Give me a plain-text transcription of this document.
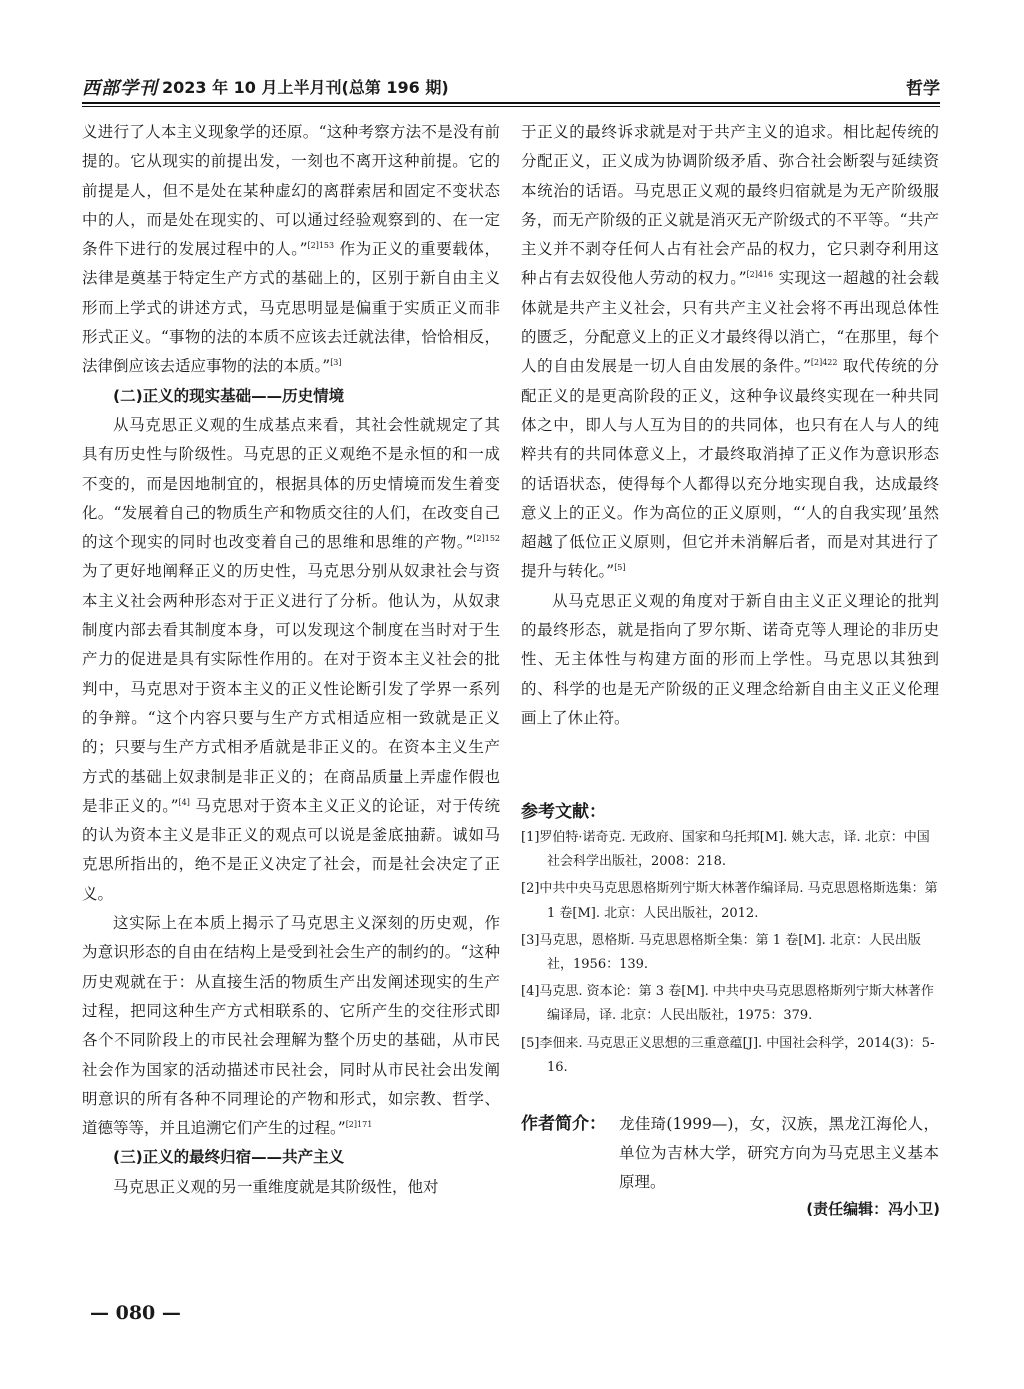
西部学刊 2023 年 10 月上半月刊(总第 196 期)	哲学

义进行了人本主义现象学的还原。“这种考察方法不是没有前提的。它从现实的前提出发，一刻也不离开这种前提。它的前提是人，但不是处在某种虚幻的离群索居和固定不变状态中的人，而是处在现实的、可以通过经验观察到的、在一定条件下进行的发展过程中的人。”$^{[2]153}$ 作为正义的重要载体，法律是奠基于特定生产方式的基础上的，区别于新自由主义形而上学式的讲述方式，马克思明显是偏重于实质正义而非形式正义。“事物的法的本质不应该去迁就法律，恰恰相反，法律倒应该去适应事物的法的本质。”[3]

(二)正义的现实基础——历史情境

从马克思正义观的生成基点来看，其社会性就规定了其具有历史性与阶级性。马克思的正义观绝不是永恒的和一成不变的，而是因地制宜的，根据具体的历史情境而发生着变化。“发展着自己的物质生产和物质交往的人们，在改变自己的这个现实的同时也改变着自己的思维和思维的产物。”$^{[2]152}$ 为了更好地阐释正义的历史性，马克思分别从奴隶社会与资本主义社会两种形态对于正义进行了分析。他认为，从奴隶制度内部去看其制度本身，可以发现这个制度在当时对于生产力的促进是具有实际性作用的。在对于资本主义社会的批判中，马克思对于资本主义的正义性论断引发了学界一系列的争辩。“这个内容只要与生产方式相适应相一致就是正义的；只要与生产方式相矛盾就是非正义的。在资本主义生产方式的基础上奴隶制是非正义的；在商品质量上弄虚作假也是非正义的。”[4] 马克思对于资本主义正义的论证，对于传统的认为资本主义是非正义的观点可以说是釜底抽薪。诚如马克思所指出的，绝不是正义决定了社会，而是社会决定了正义。

这实际上在本质上揭示了马克思主义深刻的历史观，作为意识形态的自由在结构上是受到社会生产的制约的。“这种历史观就在于：从直接生活的物质生产出发阐述现实的生产过程，把同这种生产方式相联系的、它所产生的交往形式即各个不同阶段上的市民社会理解为整个历史的基础，从市民社会作为国家的活动描述市民社会，同时从市民社会出发阐明意识的所有各种不同理论的产物和形式，如宗教、哲学、道德等等，并且追溯它们产生的过程。”$^{[2]171}$

(三)正义的最终归宿——共产主义

马克思正义观的另一重维度就是其阶级性，他对

于正义的最终诉求就是对于共产主义的追求。相比起传统的分配正义，正义成为协调阶级矛盾、弥合社会断裂与延续资本统治的话语。马克思正义观的最终归宿就是为无产阶级服务，而无产阶级的正义就是消灭无产阶级式的不平等。“共产主义并不剥夺任何人占有社会产品的权力，它只剥夺利用这种占有去奴役他人劳动的权力。”$^{[2]416}$ 实现这一超越的社会载体就是共产主义社会，只有共产主义社会将不再出现总体性的匮乏，分配意义上的正义才最终得以消亡，“在那里，每个人的自由发展是一切人自由发展的条件。”$^{[2]422}$ 取代传统的分配正义的是更高阶段的正义，这种争议最终实现在一种共同体之中，即人与人互为目的的共同体，也只有在人与人的纯粹共有的共同体意义上，才最终取消掉了正义作为意识形态的话语状态，使得每个人都得以充分地实现自我，达成最终意义上的正义。作为高位的正义原则，“‘人的自我实现’虽然超越了低位正义原则，但它并未消解后者，而是对其进行了提升与转化。”[5]

从马克思正义观的角度对于新自由主义正义理论的批判的最终形态，就是指向了罗尔斯、诺奇克等人理论的非历史性、无主体性与构建方面的形而上学性。马克思以其独到的、科学的也是无产阶级的正义理念给新自由主义正义伦理画上了休止符。

参考文献：
[1]罗伯特·诺奇克. 无政府、国家和乌托邦[M]. 姚大志，译. 北京：中国社会科学出版社，2008：218.
[2]中共中央马克思恩格斯列宁斯大林著作编译局. 马克思恩格斯选集：第 1 卷[M]. 北京：人民出版社，2012.
[3]马克思，恩格斯. 马克思恩格斯全集：第 1 卷[M]. 北京：人民出版社，1956：139.
[4]马克思. 资本论：第 3 卷[M]. 中共中央马克思恩格斯列宁斯大林著作编译局，译. 北京：人民出版社，1975：379.
[5]李佃来. 马克思正义思想的三重意蕴[J]. 中国社会科学，2014(3)：5-16.
作者简介： 龙佳琦(1999—)，女，汉族，黑龙江海伦人，单位为吉林大学，研究方向为马克思主义基本原理。
(责任编辑：冯小卫)
— 080 —
